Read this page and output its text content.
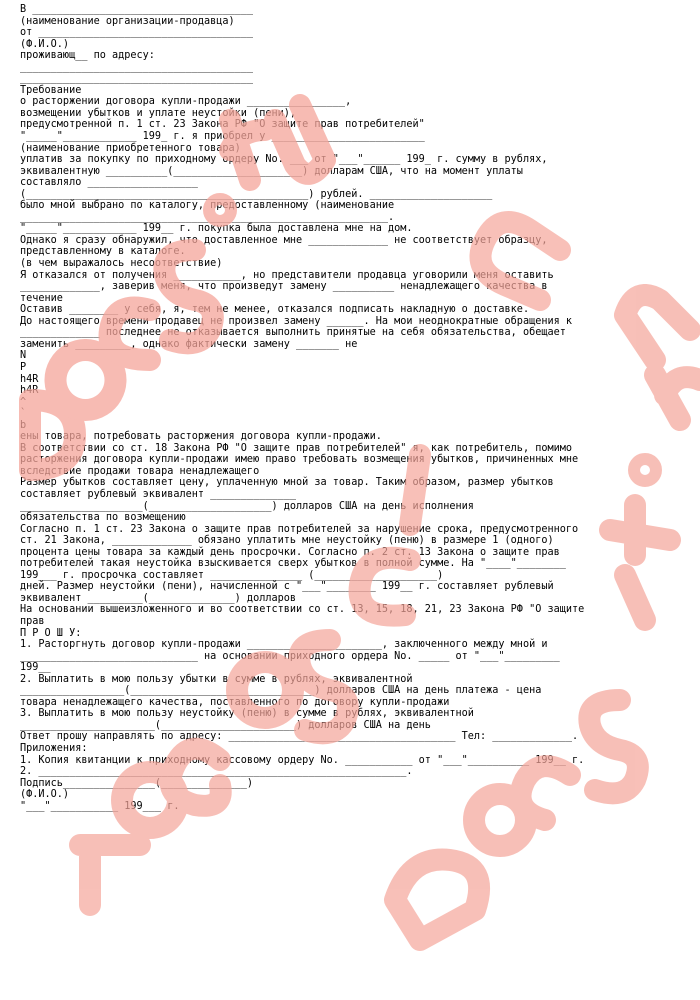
В ____________________________________
(наименование организации-продавца)
от ___________________________________
(Ф.И.О.)
проживающ__ по адресу:
______________________________________
______________________________________
Требование
о расторжении договора купли-продажи ________________,
возмещении убытков и уплате неустойки (пени),
предусмотренной п. 1 ст. 23 Закона РФ "О защите прав потребителей"
"_____"____________ 199_ г. я приобрел у _________________________
(наименование приобретенного товара)
уплатив за покупку по приходному ордеру No. ___ от "___"______ 199_ г. сумму в рублях,
эквивалентную __________(_____________________) долларам США, что на момент уплаты
составляло __________________
(______________________________________________) рублей. ____________________
было мной выбрано по каталогу, предоставленному (наименование
____________________________________________________________.
"_____"____________ 199__ г. покупка была доставлена мне на дом.
Однако я сразу обнаружил, что доставленное мне _____________ не соответствует образцу,
представленному в каталоге.
(в чем выражалось несоответствие)
Я отказался от получения ___________, но представители продавца уговорили меня оставить
_____________, заверив меня, что произведут замену __________ ненадлежащего качества в
течение
Оставив ________ у себя, я, тем не менее, отказался подписать накладную о доставке.
До настоящего времени продавец не произвел замену ______. На мои неоднократные обращения к
_____________ последнее не отказывается выполнить принятые на себя обязательства, обещает
заменить _________, однако фактически замену _______ не
N
P
h4R
h4R
^
`
b
ены товара, потребовать расторжения договора купли-продажи.
В соответствии со ст. 18 Закона РФ "О защите прав потребителей" я, как потребитель, помимо
расторжения договора купли-продажи имею право требовать возмещения убытков, причиненных мне
вследствие продажи товара ненадлежащего
Размер убытков составляет цену, уплаченную мной за товар. Таким образом, размер убытков
составляет рублевый эквивалент ______________
____________________(____________________) долларов США на день исполнения
обязательства по возмещению
Согласно п. 1 ст. 23 Закона о защите прав потребителей за нарушение срока, предусмотренного
ст. 21 Закона, _____________ обязано уплатить мне неустойку (пеню) в размере 1 (одного)
процента цены товара за каждый день просрочки. Согласно п. 2 ст. 13 Закона о защите прав
потребителей такая неустойка взыскивается сверх убытков в полной сумме. На "____"________
199___ г. просрочка составляет _______________ (____________________)
дней. Размер неустойки (пени), начисленной с "___"________ 199__ г. составляет рублевый
эквивалент _________(______________) долларов
На основании вышеизложенного и во соответствии со ст. 13, 15, 18, 21, 23 Закона РФ "О защите
прав
П Р О Ш У:
1. Расторгнуть договор купли-продажи ______________________, заключенного между мной и
_____________________________ на основании приходного ордера No. _____ от "___"_________
199__
2. Выплатить в мою пользу убытки в сумме в рублях, эквивалентной
_________________(______________________________) долларов США на день платежа - цена
товара ненадлежащего качества, поставленного по договору купли-продажи
3. Выплатить в мою пользу неустойку (пеню) в сумме в рублях, эквивалентной
______________________(______________________) долларов США на день
Ответ прошу направлять по адресу: _____________________________________ Тел: _____________.
Приложения:
1. Копия квитанции к приходному кассовому ордеру No. ___________ от "___"__________ 199__ г.
2. ____________________________________________________________.
Подпись_______________(______________)
(Ф.И.О.)
"___"___________ 199___ г.
